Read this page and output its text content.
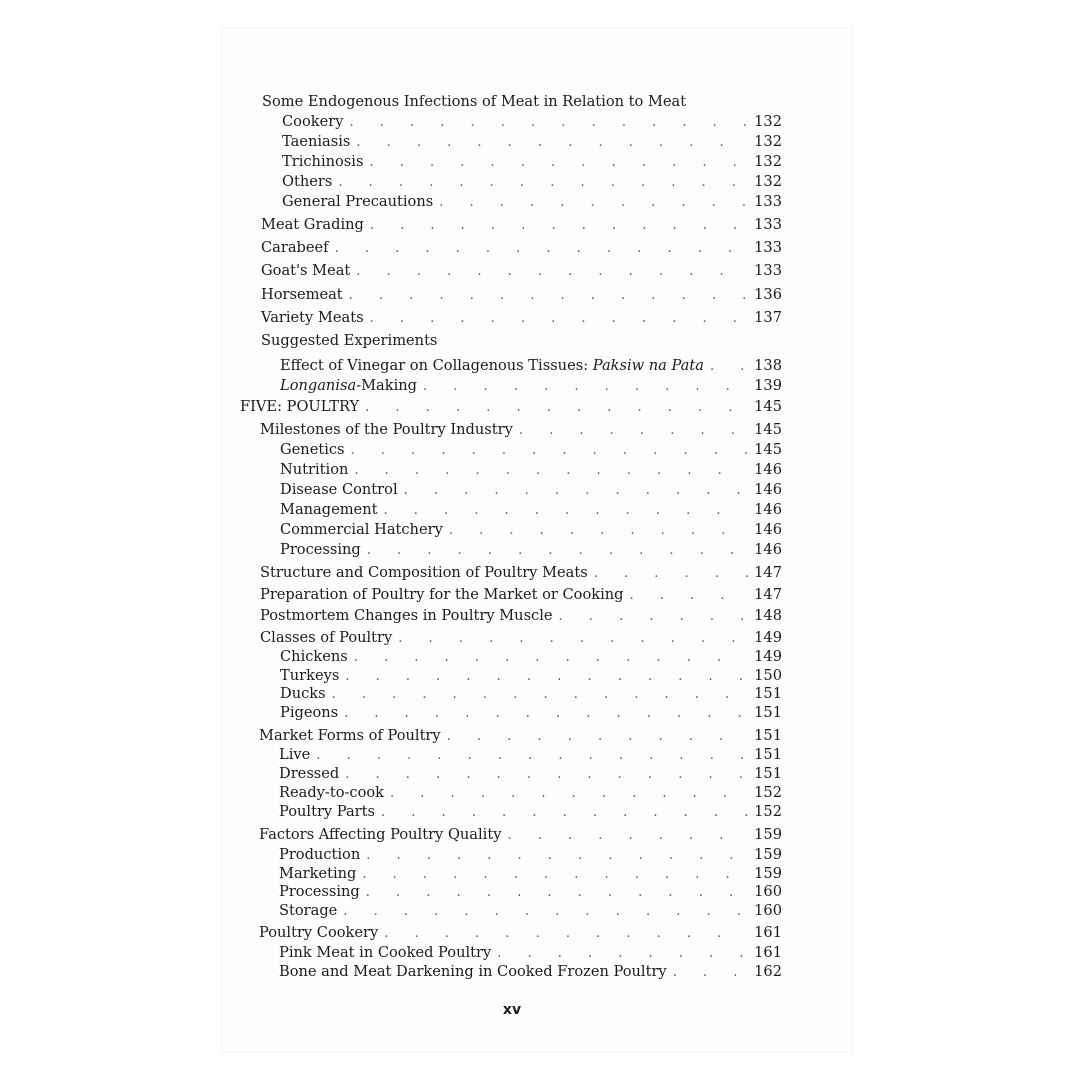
Some Endogenous Infections of Meat in Relation to Meat
Cookery . . .	132
Taeniasis . . .	132
Trichinosis . . .	132
Others . . .	132
General Precautions . . .	133
Meat Grading . . .	133
Carabeef . . .	133
Goat's Meat . . .	133
Horsemeat . . .	136
Variety Meats . . .	137
Suggested Experiments
Effect of Vinegar on Collagenous Tissues: Paksiw na Pata . . .	138
Longanisa-Making . . .	139
FIVE: POULTRY . . .	145
Milestones of the Poultry Industry . . .	145
Genetics . . .	145
Nutrition . . .	146
Disease Control . . .	146
Management . . .	146
Commercial Hatchery . . .	146
Processing . . .	146
Structure and Composition of Poultry Meats . . .	147
Preparation of Poultry for the Market or Cooking . . .	147
Postmortem Changes in Poultry Muscle . . .	148
Classes of Poultry . . .	149
Chickens . . .	149
Turkeys . . .	150
Ducks . . .	151
Pigeons . . .	151
Market Forms of Poultry . . .	151
Live . . .	151
Dressed . . .	151
Ready-to-cook . . .	152
Poultry Parts . . .	152
Factors Affecting Poultry Quality . . .	159
Production . . .	159
Marketing . . .	159
Processing . . .	160
Storage . . .	160
Poultry Cookery . . .	161
Pink Meat in Cooked Poultry . . .	161
Bone and Meat Darkening in Cooked Frozen Poultry . . .	162
xv
